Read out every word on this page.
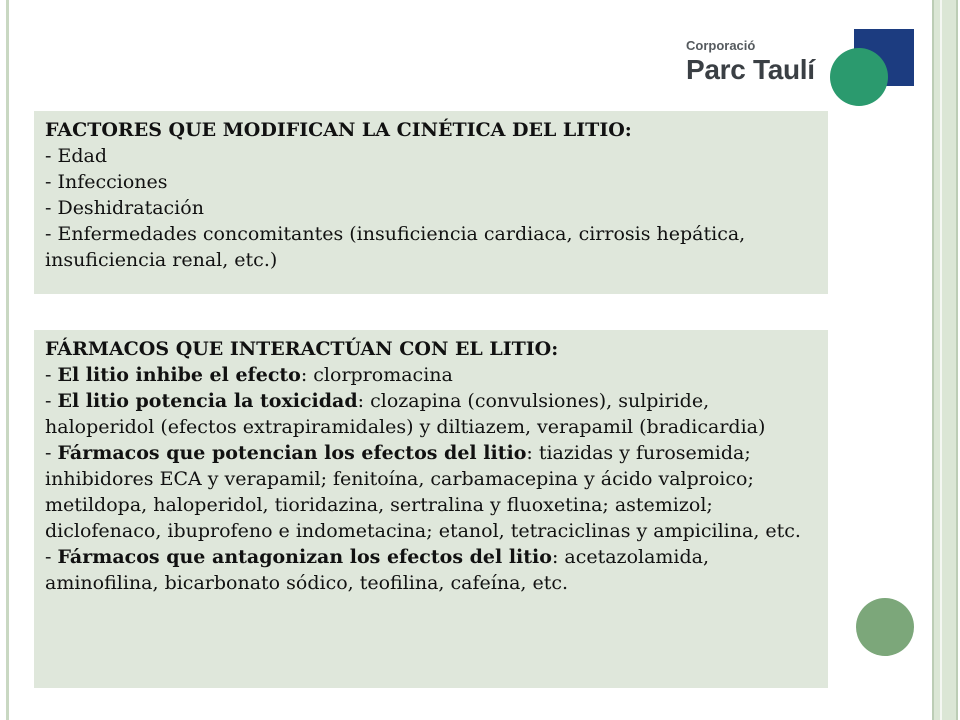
Corporació
Parc Taulí
FACTORES QUE MODIFICAN LA CINÉTICA DEL LITIO:
- Edad
- Infecciones
- Deshidratación
- Enfermedades concomitantes (insuficiencia cardiaca, cirrosis hepática, insuficiencia renal, etc.)
FÁRMACOS QUE INTERACTÚAN CON EL LITIO:
- El litio inhibe el efecto: clorpromacina
- El litio potencia la toxicidad: clozapina (convulsiones), sulpiride, haloperidol (efectos extrapiramidales) y diltiazem, verapamil (bradicardia)
- Fármacos que potencian los efectos del litio: tiazidas y furosemida; inhibidores ECA y verapamil; fenitoína, carbamacepina y ácido valproico; metildopa, haloperidol, tioridazina, sertralina y fluoxetina; astemizol; diclofenaco, ibuprofeno e indometacina; etanol, tetraciclinas y ampicilina, etc.
- Fármacos que antagonizan los efectos del litio: acetazolamida, aminofilina, bicarbonato sódico, teofilina, cafeína, etc.
